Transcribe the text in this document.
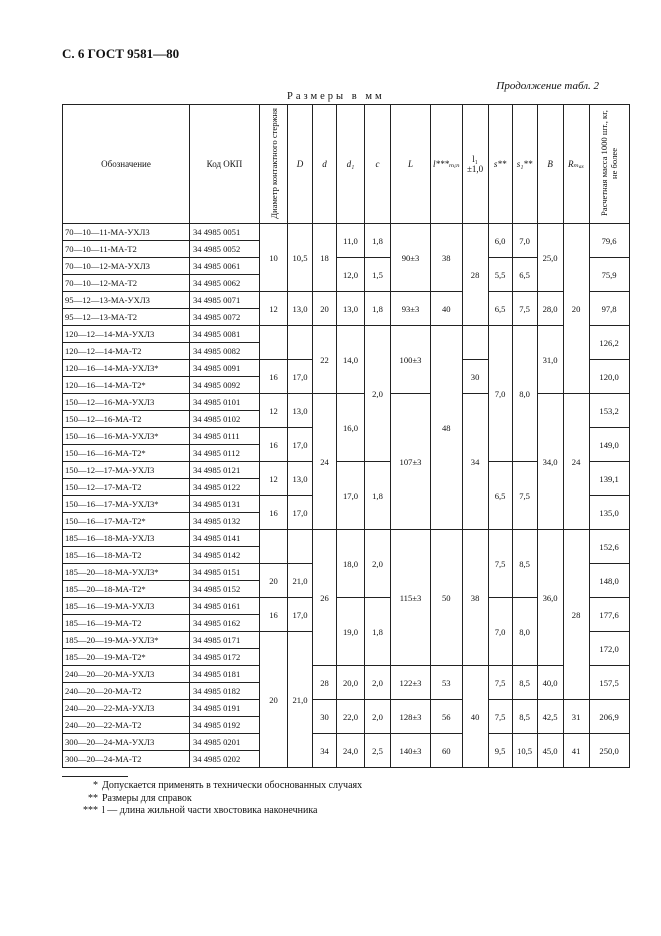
С. 6 ГОСТ 9581—80
Продолжение табл. 2
Размеры в мм
Обозначение	Код ОКП	Диаметр контактного стержня	D	d	d₁	c	L	l***ₘᵢₙ	l₁ ±1,0	s**	s₁**	B	Rₘₐₓ	Расчетная масса 1000 шт., кг, не более
70—10—11-МА-УХЛ3	34 4985 0051	10	10,5	18	11,0	1,8	90±3	38	28	6,0	7,0	25,0	20	79,6
70—10—11-МА-Т2	34 4985 0052													
70—10—12-МА-УХЛ3	34 4985 0061				12,0	1,5				5,5	6,5			75,9
70—10—12-МА-Т2	34 4985 0062													
95—12—13-МА-УХЛ3	34 4985 0071	12	13,0	20	13,0	1,8	93±3	40		6,5	7,5	28,0		97,8
95—12—13-МА-Т2	34 4985 0072													
120—12—14-МА-УХЛ3	34 4985 0081			22	14,0	2,0	100±3	48		7,0	8,0	31,0		126,2
120—12—14-МА-Т2	34 4985 0082													
120—16—14-МА-УХЛ3*	34 4985 0091	16	17,0						30					120,0
120—16—14-МА-Т2*	34 4985 0092													
150—12—16-МА-УХЛ3	34 4985 0101	12	13,0	24	16,0		107±3		34			34,0	24	153,2
150—12—16-МА-Т2	34 4985 0102													
150—16—16-МА-УХЛ3*	34 4985 0111	16	17,0											149,0
150—16—16-МА-Т2*	34 4985 0112													
150—12—17-МА-УХЛ3	34 4985 0121	12	13,0		17,0	1,8				6,5	7,5			139,1
150—12—17-МА-Т2	34 4985 0122													
150—16—17-МА-УХЛ3*	34 4985 0131	16	17,0											135,0
150—16—17-МА-Т2*	34 4985 0132													
185—16—18-МА-УХЛ3	34 4985 0141			26	18,0	2,0	115±3	50	38	7,5	8,5	36,0	28	152,6
185—16—18-МА-Т2	34 4985 0142													
185—20—18-МА-УХЛ3*	34 4985 0151	20	21,0											148,0
185—20—18-МА-Т2*	34 4985 0152													
185—16—19-МА-УХЛ3	34 4985 0161	16	17,0		19,0	1,8				7,0	8,0			177,6
185—16—19-МА-Т2	34 4985 0162													
185—20—19-МА-УХЛ3*	34 4985 0171	20	21,0											172,0
185—20—19-МА-Т2*	34 4985 0172													
240—20—20-МА-УХЛ3	34 4985 0181			28	20,0	2,0	122±3	53	40	7,5	8,5	40,0		157,5
240—20—20-МА-Т2	34 4985 0182													
240—20—22-МА-УХЛ3	34 4985 0191			30	22,0	2,0	128±3	56		7,5	8,5	42,5	31	206,9
240—20—22-МА-Т2	34 4985 0192													
300—20—24-МА-УХЛ3	34 4985 0201			34	24,0	2,5	140±3	60		9,5	10,5	45,0	41	250,0
300—20—24-МА-Т2	34 4985 0202													
* Допускается применять в технически обоснованных случаях
** Размеры для справок
*** l — длина жильной части хвостовика наконечника
